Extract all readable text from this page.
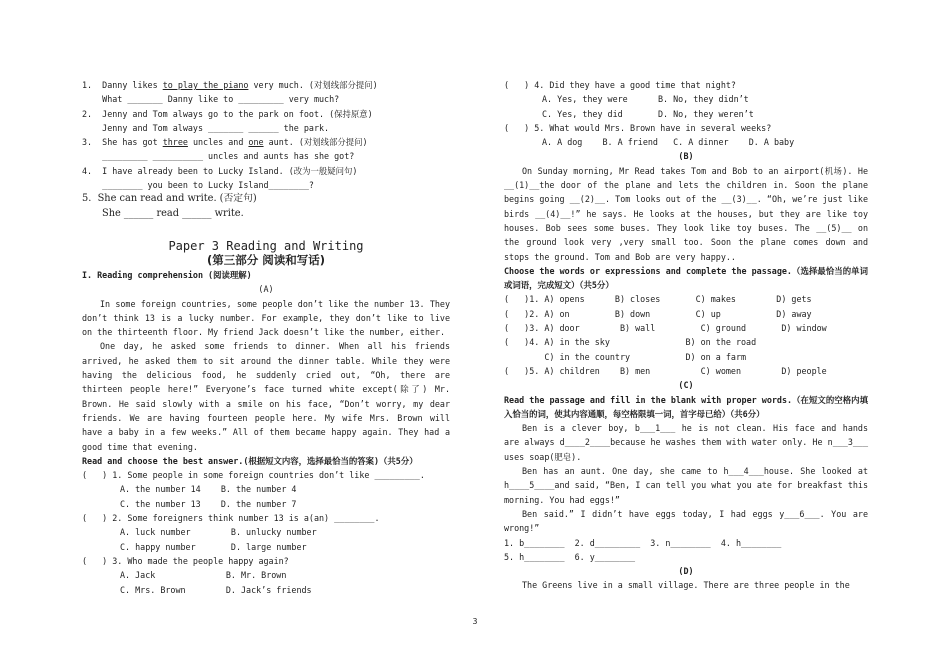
1.  Danny likes to play the piano very much. (对划线部分提问)
What _______ Danny like to _________ very much?
2.  Jenny and Tom always go to the park on foot. (保持原意)
Jenny and Tom always _______ ______ the park.
3.  She has got three uncles and one aunt. (对划线部分提问)
_________ __________ uncles and aunts has she got?
4.  I have already been to Lucky Island. (改为一般疑问句)
________ you been to Lucky Island________?
5.  She can read and write. (否定句)
She ______ read ______ write.
Paper 3 Reading and Writing
(第三部分 阅读和写话)
I. Reading comprehension (阅读理解)
(A)
In some foreign countries, some people don’t like the number 13. They don’t think 13 is a lucky number. For example, they don’t like to live on the thirteenth floor. My friend Jack doesn’t like the number, either.
One day, he asked some friends to dinner. When all his friends arrived, he asked them to sit around the dinner table. While they were having the delicious food, he suddenly cried out, “Oh, there are thirteen people here!” Everyone’s face turned white except(除了) Mr. Brown. He said slowly with a smile on his face, “Don’t worry, my dear friends. We are having fourteen people here. My wife Mrs. Brown will have a baby in a few weeks.” All of them became happy again. They had a good time that evening.
Read and choose the best answer.(根据短文内容，选择最恰当的答案)（共5分）
(   ) 1. Some people in some foreign countries don’t like _________.
A. the number 14    B. the number 4
C. the number 13    D. the number 7
(   ) 2. Some foreigners think number 13 is a(an) ________.
A. luck number        B. unlucky number
C. happy number       D. large number
(   ) 3. Who made the people happy again?
A. Jack              B. Mr. Brown
C. Mrs. Brown        D. Jack’s friends
(   ) 4. Did they have a good time that night?
A. Yes, they were      B. No, they didn’t
C. Yes, they did       D. No, they weren’t
(   ) 5. What would Mrs. Brown have in several weeks?
A. A dog    B. A friend   C. A dinner    D. A baby
(B)
On Sunday morning, Mr Read takes Tom and Bob to an airport(机场). He __(1)__the door of the plane and lets the children in. Soon the plane begins going __(2)__. Tom looks out of the __(3)__. “Oh, we’re just like birds __(4)__!” he says. He looks at the houses, but they are like toy houses. Bob sees some buses. They look like toy buses. The __(5)__ on the ground look very ,very small too. Soon the plane comes down and stops the ground. Tom and Bob are very happy..
Choose the words or expressions and complete the passage.（选择最恰当的单词或词语，完成短文）（共5分）
(   )1. A) opens      B) closes       C) makes        D) gets
(   )2. A) on         B) down         C) up           D) away
(   )3. A) door        B) wall         C) ground       D) window
(   )4. A) in the sky               B) on the road
C) in the country           D) on a farm
(   )5. A) children    B) men          C) women        D) people
(C)
Read the passage and fill in the blank with proper words.（在短文的空格内填入恰当的词，使其内容通顺，每空格限填一词，首字母已给）（共6分）
Ben is a clever boy, b___1___ he is not clean. His face and hands are always d____2____because he washes them with water only. He n___3___ uses soap(肥皂).
Ben has an aunt. One day, she came to h___4___house. She looked at h____5____and said, “Ben, I can tell you what you ate for breakfast this morning. You had eggs!”
Ben said.” I didn’t have eggs today, I had eggs y___6___. You are wrong!”
1. b________  2. d_________  3. n________  4. h________
5. h________  6. y________
(D)
The Greens live in a small village. There are three people in the
3
